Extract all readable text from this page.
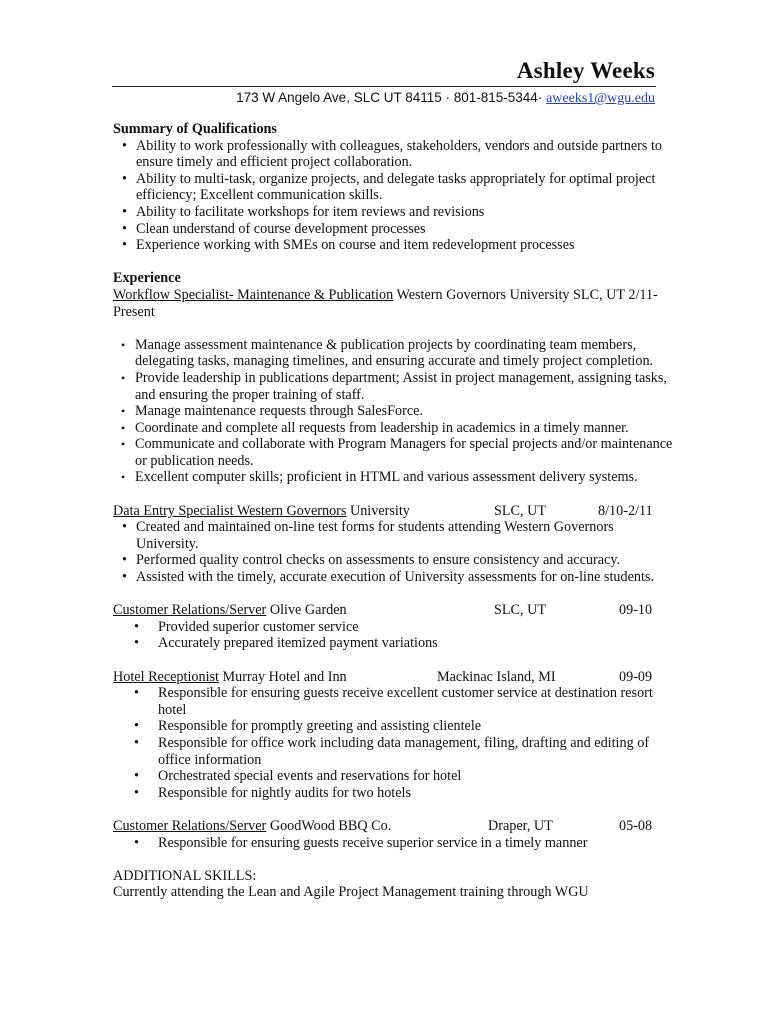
Ashley Weeks
173 W Angelo Ave, SLC UT 84115 · 801-815-5344· aweeks1@wgu.edu
Summary of Qualifications
• Ability to work professionally with colleagues, stakeholders, vendors and outside partners to ensure timely and efficient project collaboration.
• Ability to multi-task, organize projects, and delegate tasks appropriately for optimal project efficiency; Excellent communication skills.
• Ability to facilitate workshops for item reviews and revisions
• Clean understand of course development processes
• Experience working with SMEs on course and item redevelopment processes
Experience
Workflow Specialist- Maintenance & Publication Western Governors University SLC, UT 2/11-Present
• Manage assessment maintenance & publication projects by coordinating team members, delegating tasks, managing timelines, and ensuring accurate and timely project completion.
• Provide leadership in publications department; Assist in project management, assigning tasks, and ensuring the proper training of staff.
• Manage maintenance requests through SalesForce.
• Coordinate and complete all requests from leadership in academics in a timely manner.
• Communicate and collaborate with Program Managers for special projects and/or maintenance or publication needs.
• Excellent computer skills; proficient in HTML and various assessment delivery systems.
Data Entry Specialist Western Governors University	SLC, UT	8/10-2/11
• Created and maintained on-line test forms for students attending Western Governors University.
• Performed quality control checks on assessments to ensure consistency and accuracy.
• Assisted with the timely, accurate execution of University assessments for on-line students.
Customer Relations/Server Olive Garden	SLC, UT	09-10
• Provided superior customer service
• Accurately prepared itemized payment variations
Hotel Receptionist Murray Hotel and Inn	Mackinac Island, MI	09-09
• Responsible for ensuring guests receive excellent customer service at destination resort hotel
• Responsible for promptly greeting and assisting clientele
• Responsible for office work including data management, filing, drafting and editing of office information
• Orchestrated special events and reservations for hotel
• Responsible for nightly audits for two hotels
Customer Relations/Server GoodWood BBQ Co.	Draper, UT	05-08
• Responsible for ensuring guests receive superior service in a timely manner
ADDITIONAL SKILLS:
Currently attending the Lean and Agile Project Management training through WGU
